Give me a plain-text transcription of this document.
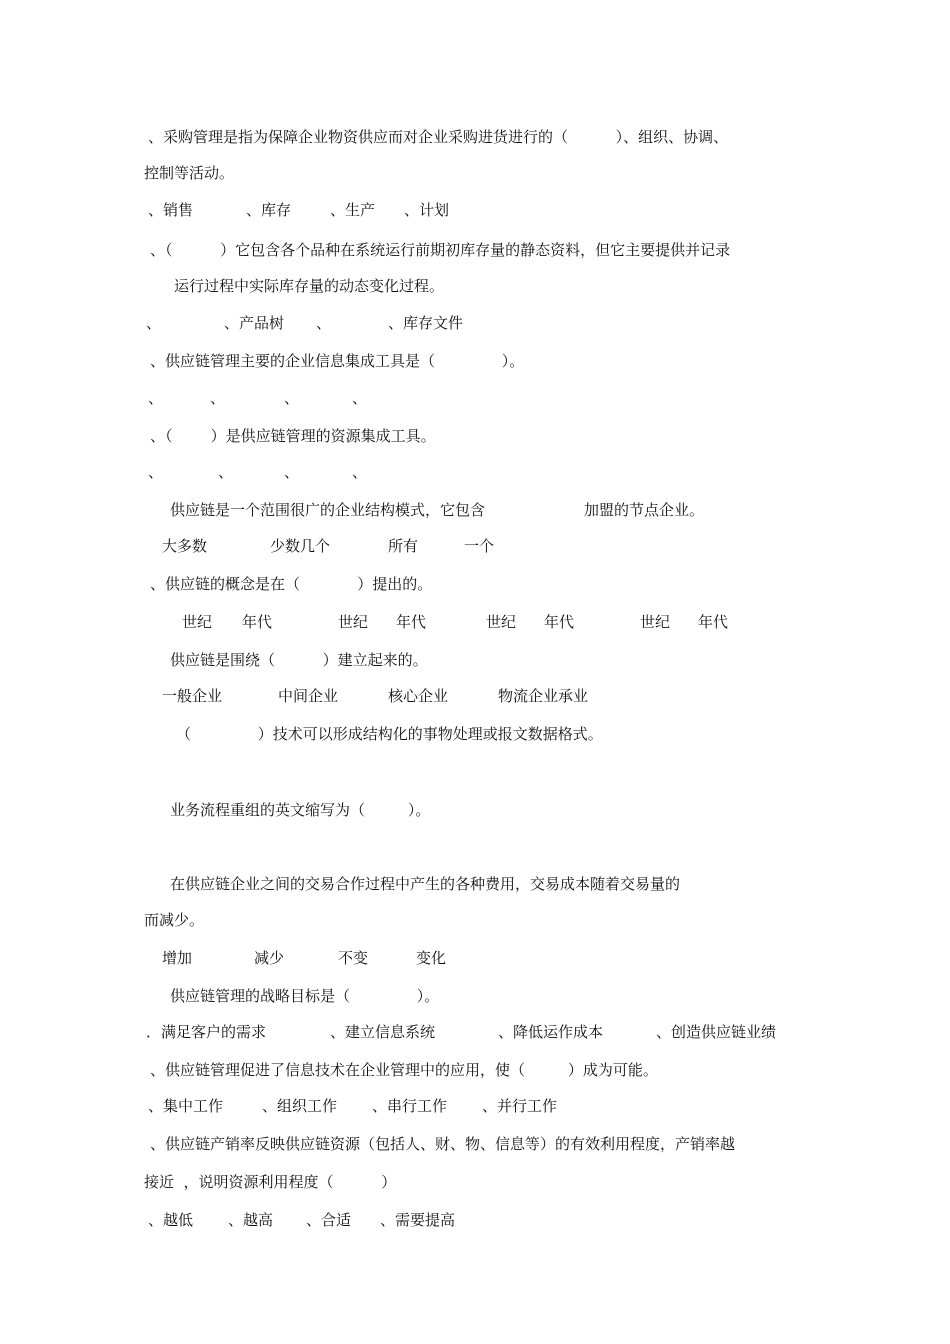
、采购管理是指为保障企业物资供应而对企业采购进货进行的（          ）、组织、协调、
控制等活动。
、销售	、库存	、生产 、计划
、（          ）它包含各个品种在系统运行前期初库存量的静态资料，但它主要提供并记录
运行过程中实际库存量的动态变化过程。
、	、产品树 、	、库存文件
、供应链管理主要的企业信息集成工具是（              ）。
、	、	、	、
、（        ）是供应链管理的资源集成工具。
、	、	、	、
供应链是一个范围很广的企业结构模式，它包含	加盟的节点企业。
大多数	少数几个	所有	一个
、供应链的概念是在（            ）提出的。
世纪 年代	世纪 年代	世纪 年代	世纪 年代
供应链是围绕（          ）建立起来的。
一般企业	中间企业	核心企业	物流企业承业
（              ）技术可以形成结构化的事物处理或报文数据格式。
业务流程重组的英文缩写为（         ）。
在供应链企业之间的交易合作过程中产生的各种费用，交易成本随着交易量的
而减少。
增加	减少	不变	变化
供应链管理的战略目标是（              ）。
．满足客户的需求	、建立信息系统	、降低运作成本	、创造供应链业绩
、供应链管理促进了信息技术在企业管理中的应用，使（         ）成为可能。
、集中工作	、组织工作 、串行工作 、并行工作
、供应链产销率反映供应链资源（包括人、财、物、信息等）的有效利用程度，产销率越
接近  ，说明资源利用程度（          ）
、越低 、越高 、合适 、需要提高
